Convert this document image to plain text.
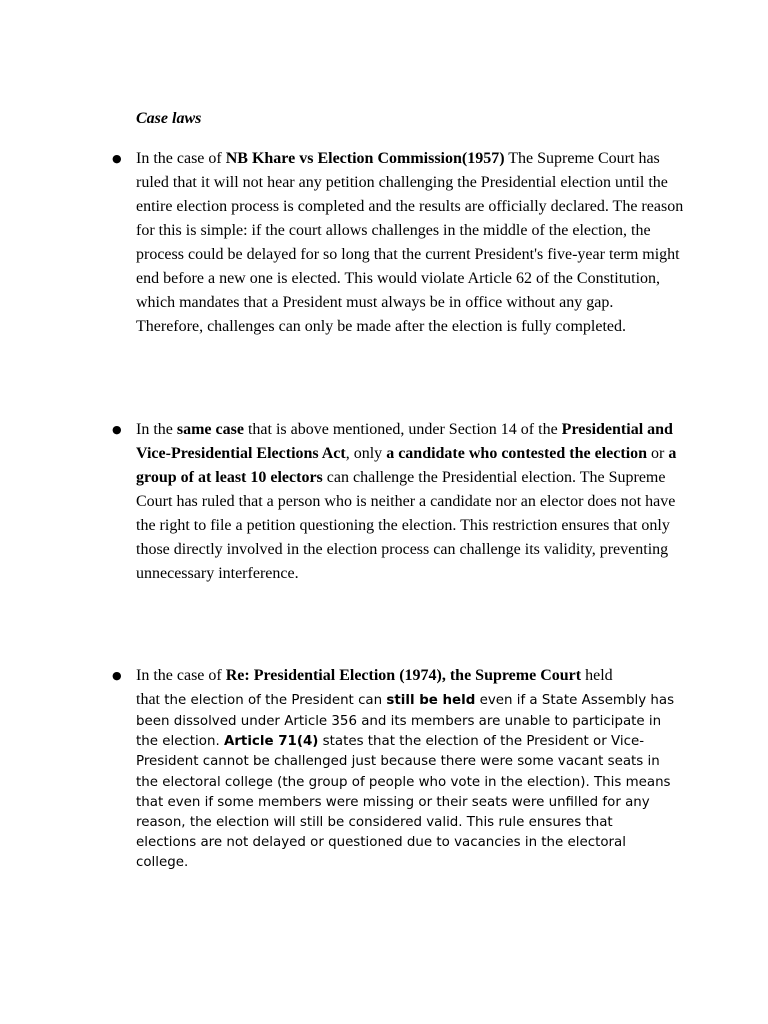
Case laws

● In the case of NB Khare vs Election Commission(1957) The Supreme Court has ruled that it will not hear any petition challenging the Presidential election until the entire election process is completed and the results are officially declared. The reason for this is simple: if the court allows challenges in the middle of the election, the process could be delayed for so long that the current President's five-year term might end before a new one is elected. This would violate Article 62 of the Constitution, which mandates that a President must always be in office without any gap. Therefore, challenges can only be made after the election is fully completed.

● In the same case that is above mentioned, under Section 14 of the Presidential and Vice-Presidential Elections Act, only a candidate who contested the election or a group of at least 10 electors can challenge the Presidential election. The Supreme Court has ruled that a person who is neither a candidate nor an elector does not have the right to file a petition questioning the election. This restriction ensures that only those directly involved in the election process can challenge its validity, preventing unnecessary interference.

● In the case of Re: Presidential Election (1974), the Supreme Court held

that the election of the President can still be held even if a State Assembly has been dissolved under Article 356 and its members are unable to participate in the election. Article 71(4) states that the election of the President or Vice-President cannot be challenged just because there were some vacant seats in the electoral college (the group of people who vote in the election). This means that even if some members were missing or their seats were unfilled for any reason, the election will still be considered valid. This rule ensures that elections are not delayed or questioned due to vacancies in the electoral college.
